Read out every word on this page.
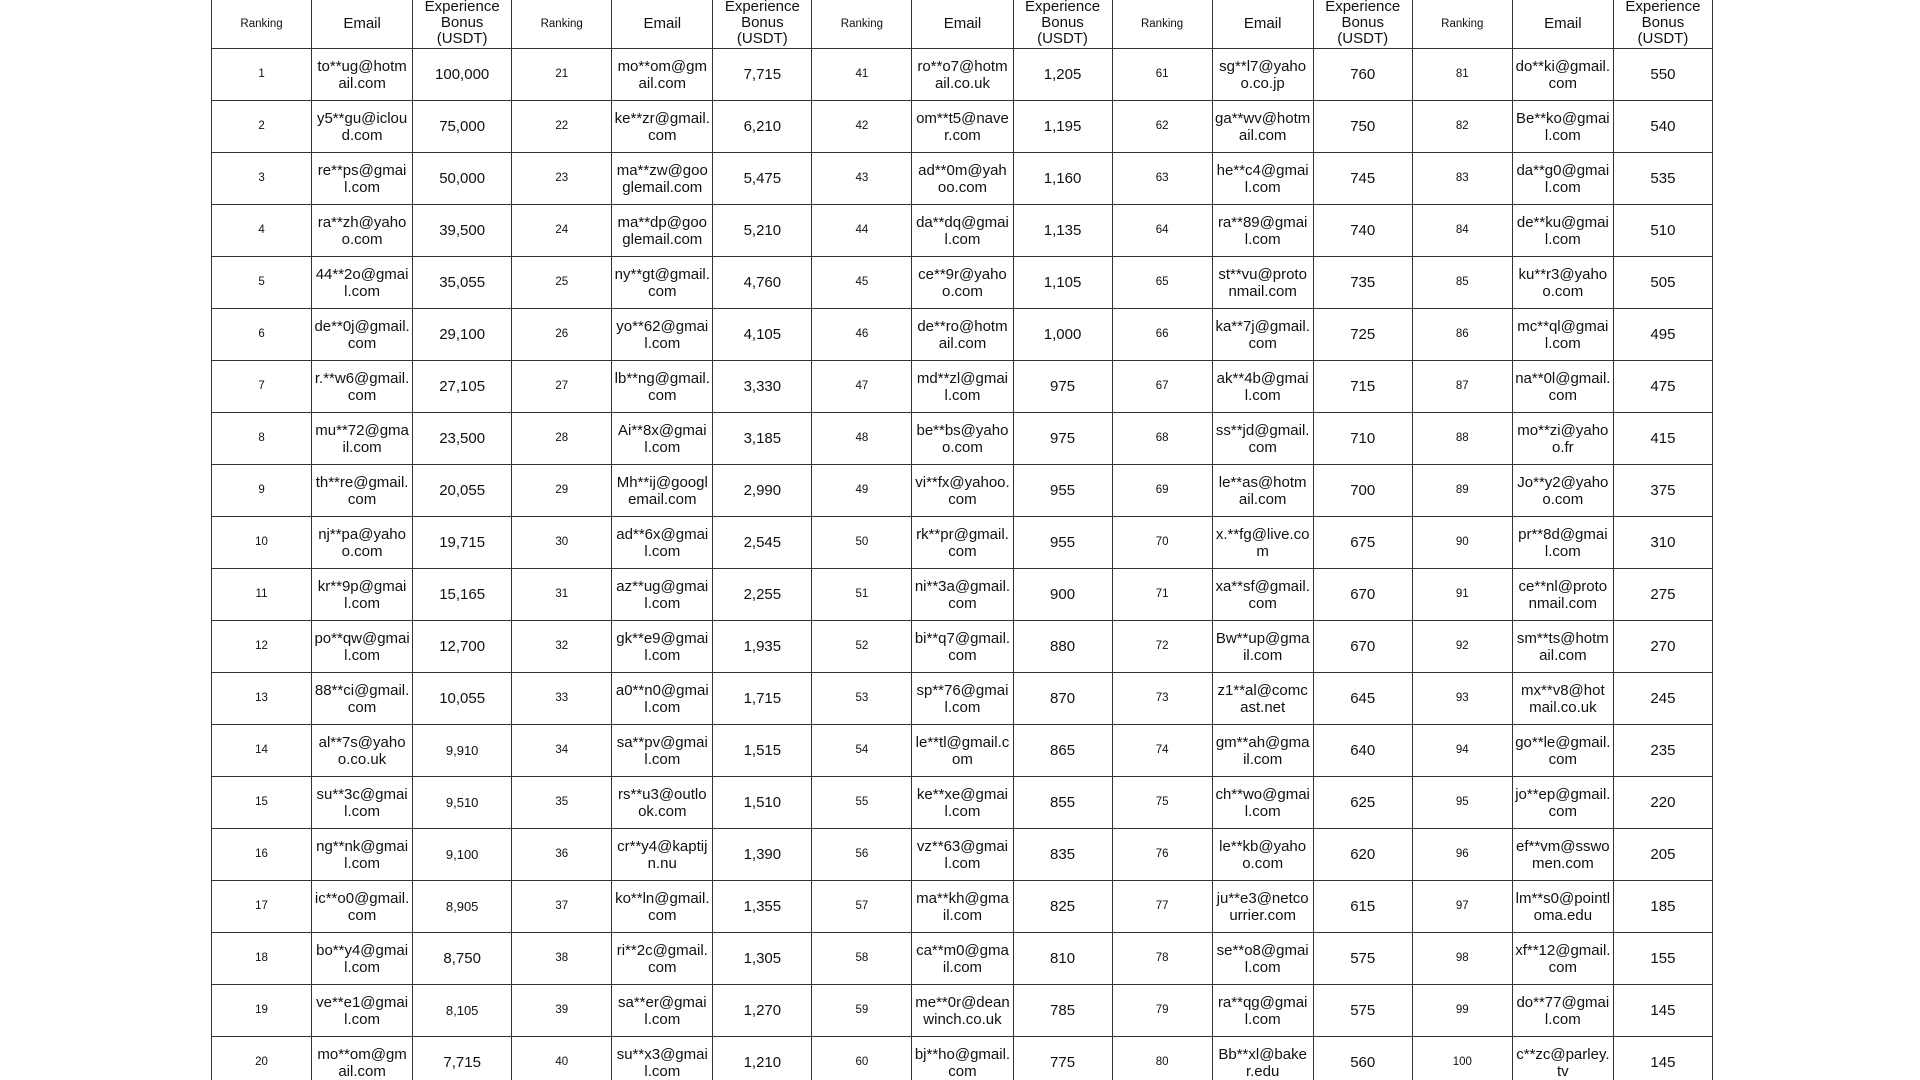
Ranking	Email	Experience Bonus (USDT)	Ranking	Email	Experience Bonus (USDT)	Ranking	Email	Experience Bonus (USDT)	Ranking	Email	Experience Bonus (USDT)	Ranking	Email	Experience Bonus (USDT)
1	to**ug@hotmail.com	100,000	21	mo**om@gmail.com	7,715	41	ro**o7@hotmail.co.uk	1,205	61	sg**l7@yahoo.co.jp	760	81	do**ki@gmail.com	550
2	y5**gu@icloud.com	75,000	22	ke**zr@gmail.com	6,210	42	om**t5@naver.com	1,195	62	ga**wv@hotmail.com	750	82	Be**ko@gmail.com	540
3	re**ps@gmail.com	50,000	23	ma**zw@googlemail.com	5,475	43	ad**0m@yahoo.com	1,160	63	he**c4@gmail.com	745	83	da**g0@gmail.com	535
4	ra**zh@yahoo.com	39,500	24	ma**dp@googlemail.com	5,210	44	da**dq@gmail.com	1,135	64	ra**89@gmail.com	740	84	de**ku@gmail.com	510
5	44**2o@gmail.com	35,055	25	ny**gt@gmail.com	4,760	45	ce**9r@yahoo.com	1,105	65	st**vu@protonmail.com	735	85	ku**r3@yahoo.com	505
6	de**0j@gmail.com	29,100	26	yo**62@gmail.com	4,105	46	de**ro@hotmail.com	1,000	66	ka**7j@gmail.com	725	86	mc**ql@gmail.com	495
7	r.**w6@gmail.com	27,105	27	lb**ng@gmail.com	3,330	47	md**zl@gmail.com	975	67	ak**4b@gmail.com	715	87	na**0l@gmail.com	475
8	mu**72@gmail.com	23,500	28	Ai**8x@gmail.com	3,185	48	be**bs@yahoo.com	975	68	ss**jd@gmail.com	710	88	mo**zi@yahoo.fr	415
9	th**re@gmail.com	20,055	29	Mh**ij@googlemail.com	2,990	49	vi**fx@yahoo.com	955	69	le**as@hotmail.com	700	89	Jo**y2@yahoo.com	375
10	nj**pa@yahoo.com	19,715	30	ad**6x@gmail.com	2,545	50	rk**pr@gmail.com	955	70	x.**fg@live.com	675	90	pr**8d@gmail.com	310
11	kr**9p@gmail.com	15,165	31	az**ug@gmail.com	2,255	51	ni**3a@gmail.com	900	71	xa**sf@gmail.com	670	91	ce**nl@protonmail.com	275
12	po**qw@gmail.com	12,700	32	gk**e9@gmail.com	1,935	52	bi**q7@gmail.com	880	72	Bw**up@gmail.com	670	92	sm**ts@hotmail.com	270
13	88**ci@gmail.com	10,055	33	a0**n0@gmail.com	1,715	53	sp**76@gmail.com	870	73	z1**al@comcast.net	645	93	mx**v8@hotmail.co.uk	245
14	al**7s@yahoo.co.uk	9,910	34	sa**pv@gmail.com	1,515	54	le**tl@gmail.com	865	74	gm**ah@gmail.com	640	94	go**le@gmail.com	235
15	su**3c@gmail.com	9,510	35	rs**u3@outlook.com	1,510	55	ke**xe@gmail.com	855	75	ch**wo@gmail.com	625	95	jo**ep@gmail.com	220
16	ng**nk@gmail.com	9,100	36	cr**y4@kaptijn.nu	1,390	56	vz**63@gmail.com	835	76	le**kb@yahoo.com	620	96	ef**vm@sswomen.com	205
17	ic**o0@gmail.com	8,905	37	ko**ln@gmail.com	1,355	57	ma**kh@gmail.com	825	77	ju**e3@netcourrier.com	615	97	lm**s0@pointloma.edu	185
18	bo**y4@gmail.com	8,750	38	ri**2c@gmail.com	1,305	58	ca**m0@gmail.com	810	78	se**o8@gmail.com	575	98	xf**12@gmail.com	155
19	ve**e1@gmail.com	8,105	39	sa**er@gmail.com	1,270	59	me**0r@deanwinch.co.uk	785	79	ra**qg@gmail.com	575	99	do**77@gmail.com	145
20	mo**om@gmail.com	7,715	40	su**x3@gmail.com	1,210	60	bj**ho@gmail.com	775	80	Bb**xl@baker.edu	560	100	c**zc@parley.tv	145
